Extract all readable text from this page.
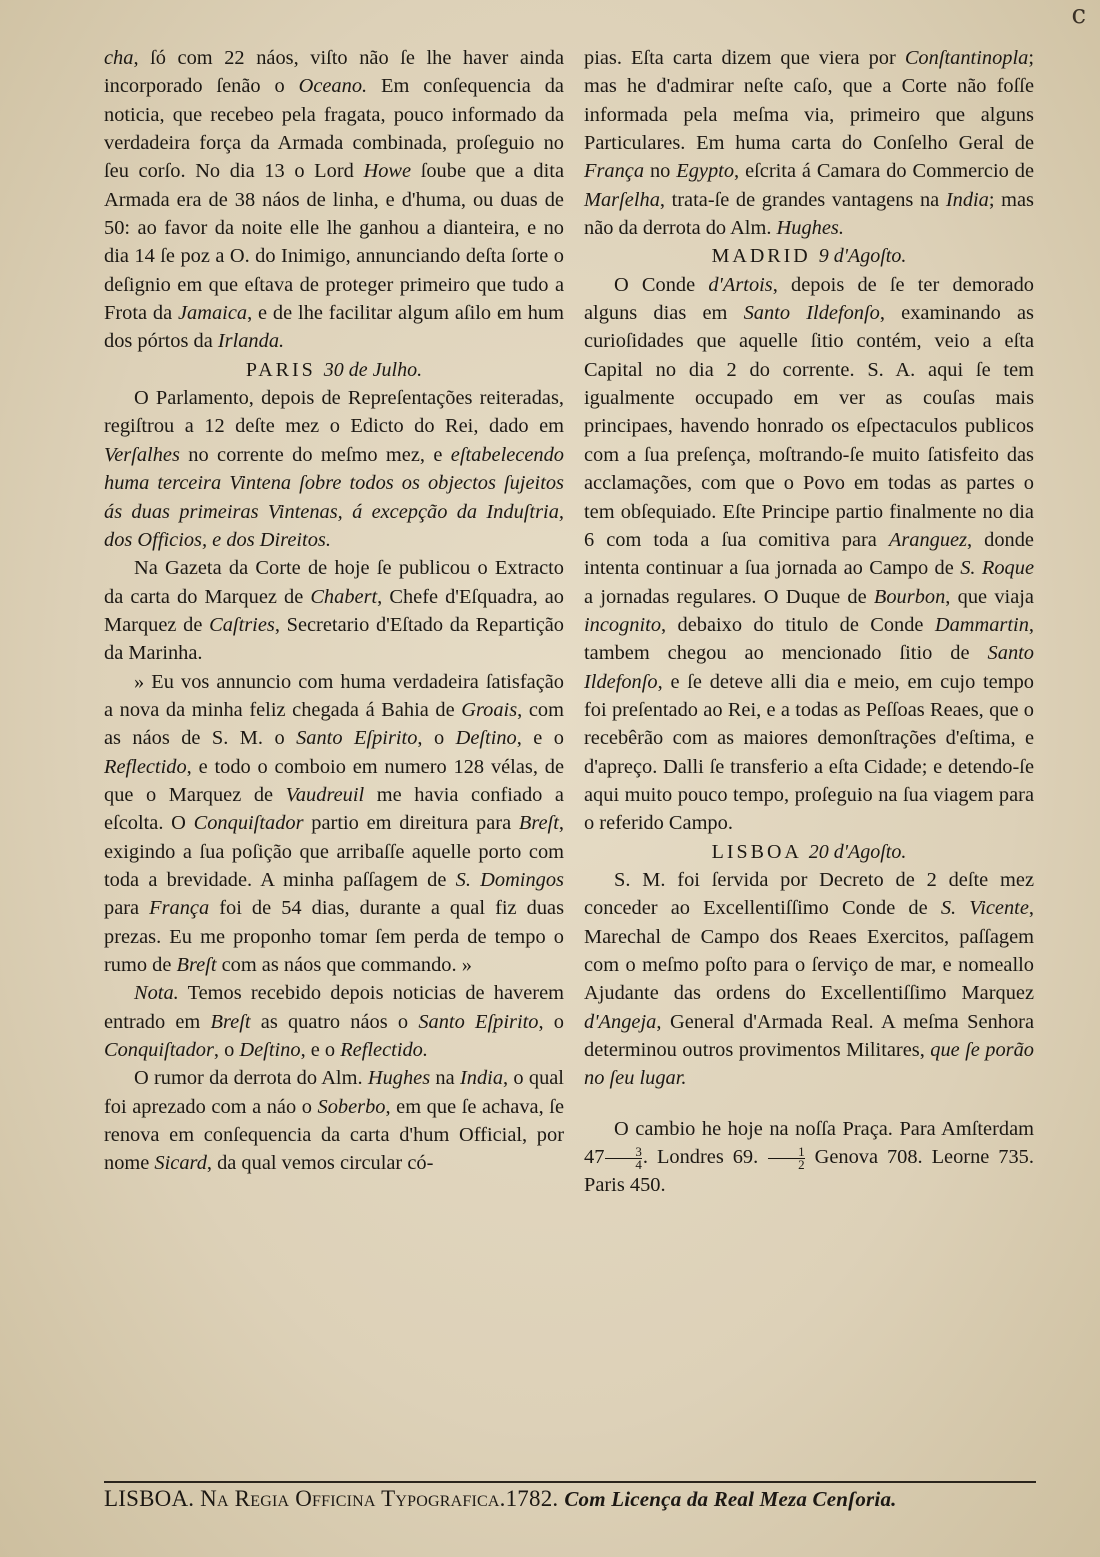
c

cha, ſó com 22 náos, viſto não ſe lhe haver ainda incorporado ſenão o Oceano. Em conſequencia da noticia, que recebeo pela fragata, pouco informado da verdadeira força da Armada combinada, proſeguio no ſeu corſo. No dia 13 o Lord Howe ſoube que a dita Armada era de 38 náos de linha, e d'huma, ou duas de 50: ao favor da noite elle lhe ganhou a dianteira, e no dia 14 ſe poz a O. do Inimigo, annunciando deſta ſorte o deſignio em que eſtava de proteger primeiro que tudo a Frota da Jamaica, e de lhe facilitar algum aſilo em hum dos pórtos da Irlanda.

PARIS 30 de Julho.

O Parlamento, depois de Repreſentações reiteradas, regiſtrou a 12 deſte mez o Edicto do Rei, dado em Verſalhes no corrente do meſmo mez, e eſtabelecendo huma terceira Vintena ſobre todos os objectos ſujeitos ás duas primeiras Vintenas, á excepção da Induſtria, dos Officios, e dos Direitos.

Na Gazeta da Corte de hoje ſe publicou o Extracto da carta do Marquez de Chabert, Chefe d'Eſquadra, ao Marquez de Caſtries, Secretario d'Eſtado da Repartição da Marinha.

» Eu vos annuncio com huma verdadeira ſatisfação a nova da minha feliz chegada á Bahia de Groais, com as náos de S. M. o Santo Eſpirito, o Deſtino, e o Reflectido, e todo o comboio em numero 128 vélas, de que o Marquez de Vaudreuil me havia confiado a eſcolta. O Conquiſtador partio em direitura para Breſt, exigindo a ſua poſição que arribaſſe aquelle porto com toda a brevidade. A minha paſſagem de S. Domingos para França foi de 54 dias, durante a qual fiz duas prezas. Eu me proponho tomar ſem perda de tempo o rumo de Breſt com as náos que commando. »

Nota. Temos recebido depois noticias de haverem entrado em Breſt as quatro náos o Santo Eſpirito, o Conquiſtador, o Deſtino, e o Reflectido.

O rumor da derrota do Alm. Hughes na India, o qual foi aprezado com a náo o Soberbo, em que ſe achava, ſe renova em conſequencia da carta d'hum Official, por nome Sicard, da qual vemos circular có-

pias. Eſta carta dizem que viera por Conſtantinopla; mas he d'admirar neſte caſo, que a Corte não foſſe informada pela meſma via, primeiro que alguns Particulares. Em huma carta do Conſelho Geral de França no Egypto, eſcrita á Camara do Commercio de Marſelha, trata-ſe de grandes vantagens na India; mas não da derrota do Alm. Hughes.

MADRID 9 d'Agoſto.

O Conde d'Artois, depois de ſe ter demorado alguns dias em Santo Ildefonſo, examinando as curioſidades que aquelle ſitio contém, veio a eſta Capital no dia 2 do corrente. S. A. aqui ſe tem igualmente occupado em ver as couſas mais principaes, havendo honrado os eſpectaculos publicos com a ſua preſença, moſtrando-ſe muito ſatisfeito das acclamações, com que o Povo em todas as partes o tem obſequiado. Eſte Principe partio finalmente no dia 6 com toda a ſua comitiva para Aranguez, donde intenta continuar a ſua jornada ao Campo de S. Roque a jornadas regulares. O Duque de Bourbon, que viaja incognito, debaixo do titulo de Conde Dammartin, tambem chegou ao mencionado ſitio de Santo Ildefonſo, e ſe deteve alli dia e meio, em cujo tempo foi preſentado ao Rei, e a todas as Peſſoas Reaes, que o recebêrão com as maiores demonſtrações d'eſtima, e d'apreço. Dalli ſe transferio a eſta Cidade; e detendo-ſe aqui muito pouco tempo, proſeguio na ſua viagem para o referido Campo.

LISBOA 20 d'Agoſto.

S. M. foi ſervida por Decreto de 2 deſte mez conceder ao Excellentiſſimo Conde de S. Vicente, Marechal de Campo dos Reaes Exercitos, paſſagem com o meſmo poſto para o ſerviço de mar, e nomeallo Ajudante das ordens do Excellentiſſimo Marquez d'Angeja, General d'Armada Real. A meſma Senhora determinou outros provimentos Militares, que ſe porão no ſeu lugar.

O cambio he hoje na noſſa Praça. Para Amſterdam $47 \frac{3}{4}$ . Londres 69. $\frac{1}{2}$ Genova 708. Leorne 735. Paris 450.

LISBOA. Na Regia Officina Typografica.1782. Com Licença da Real Meza Cenſoria.
